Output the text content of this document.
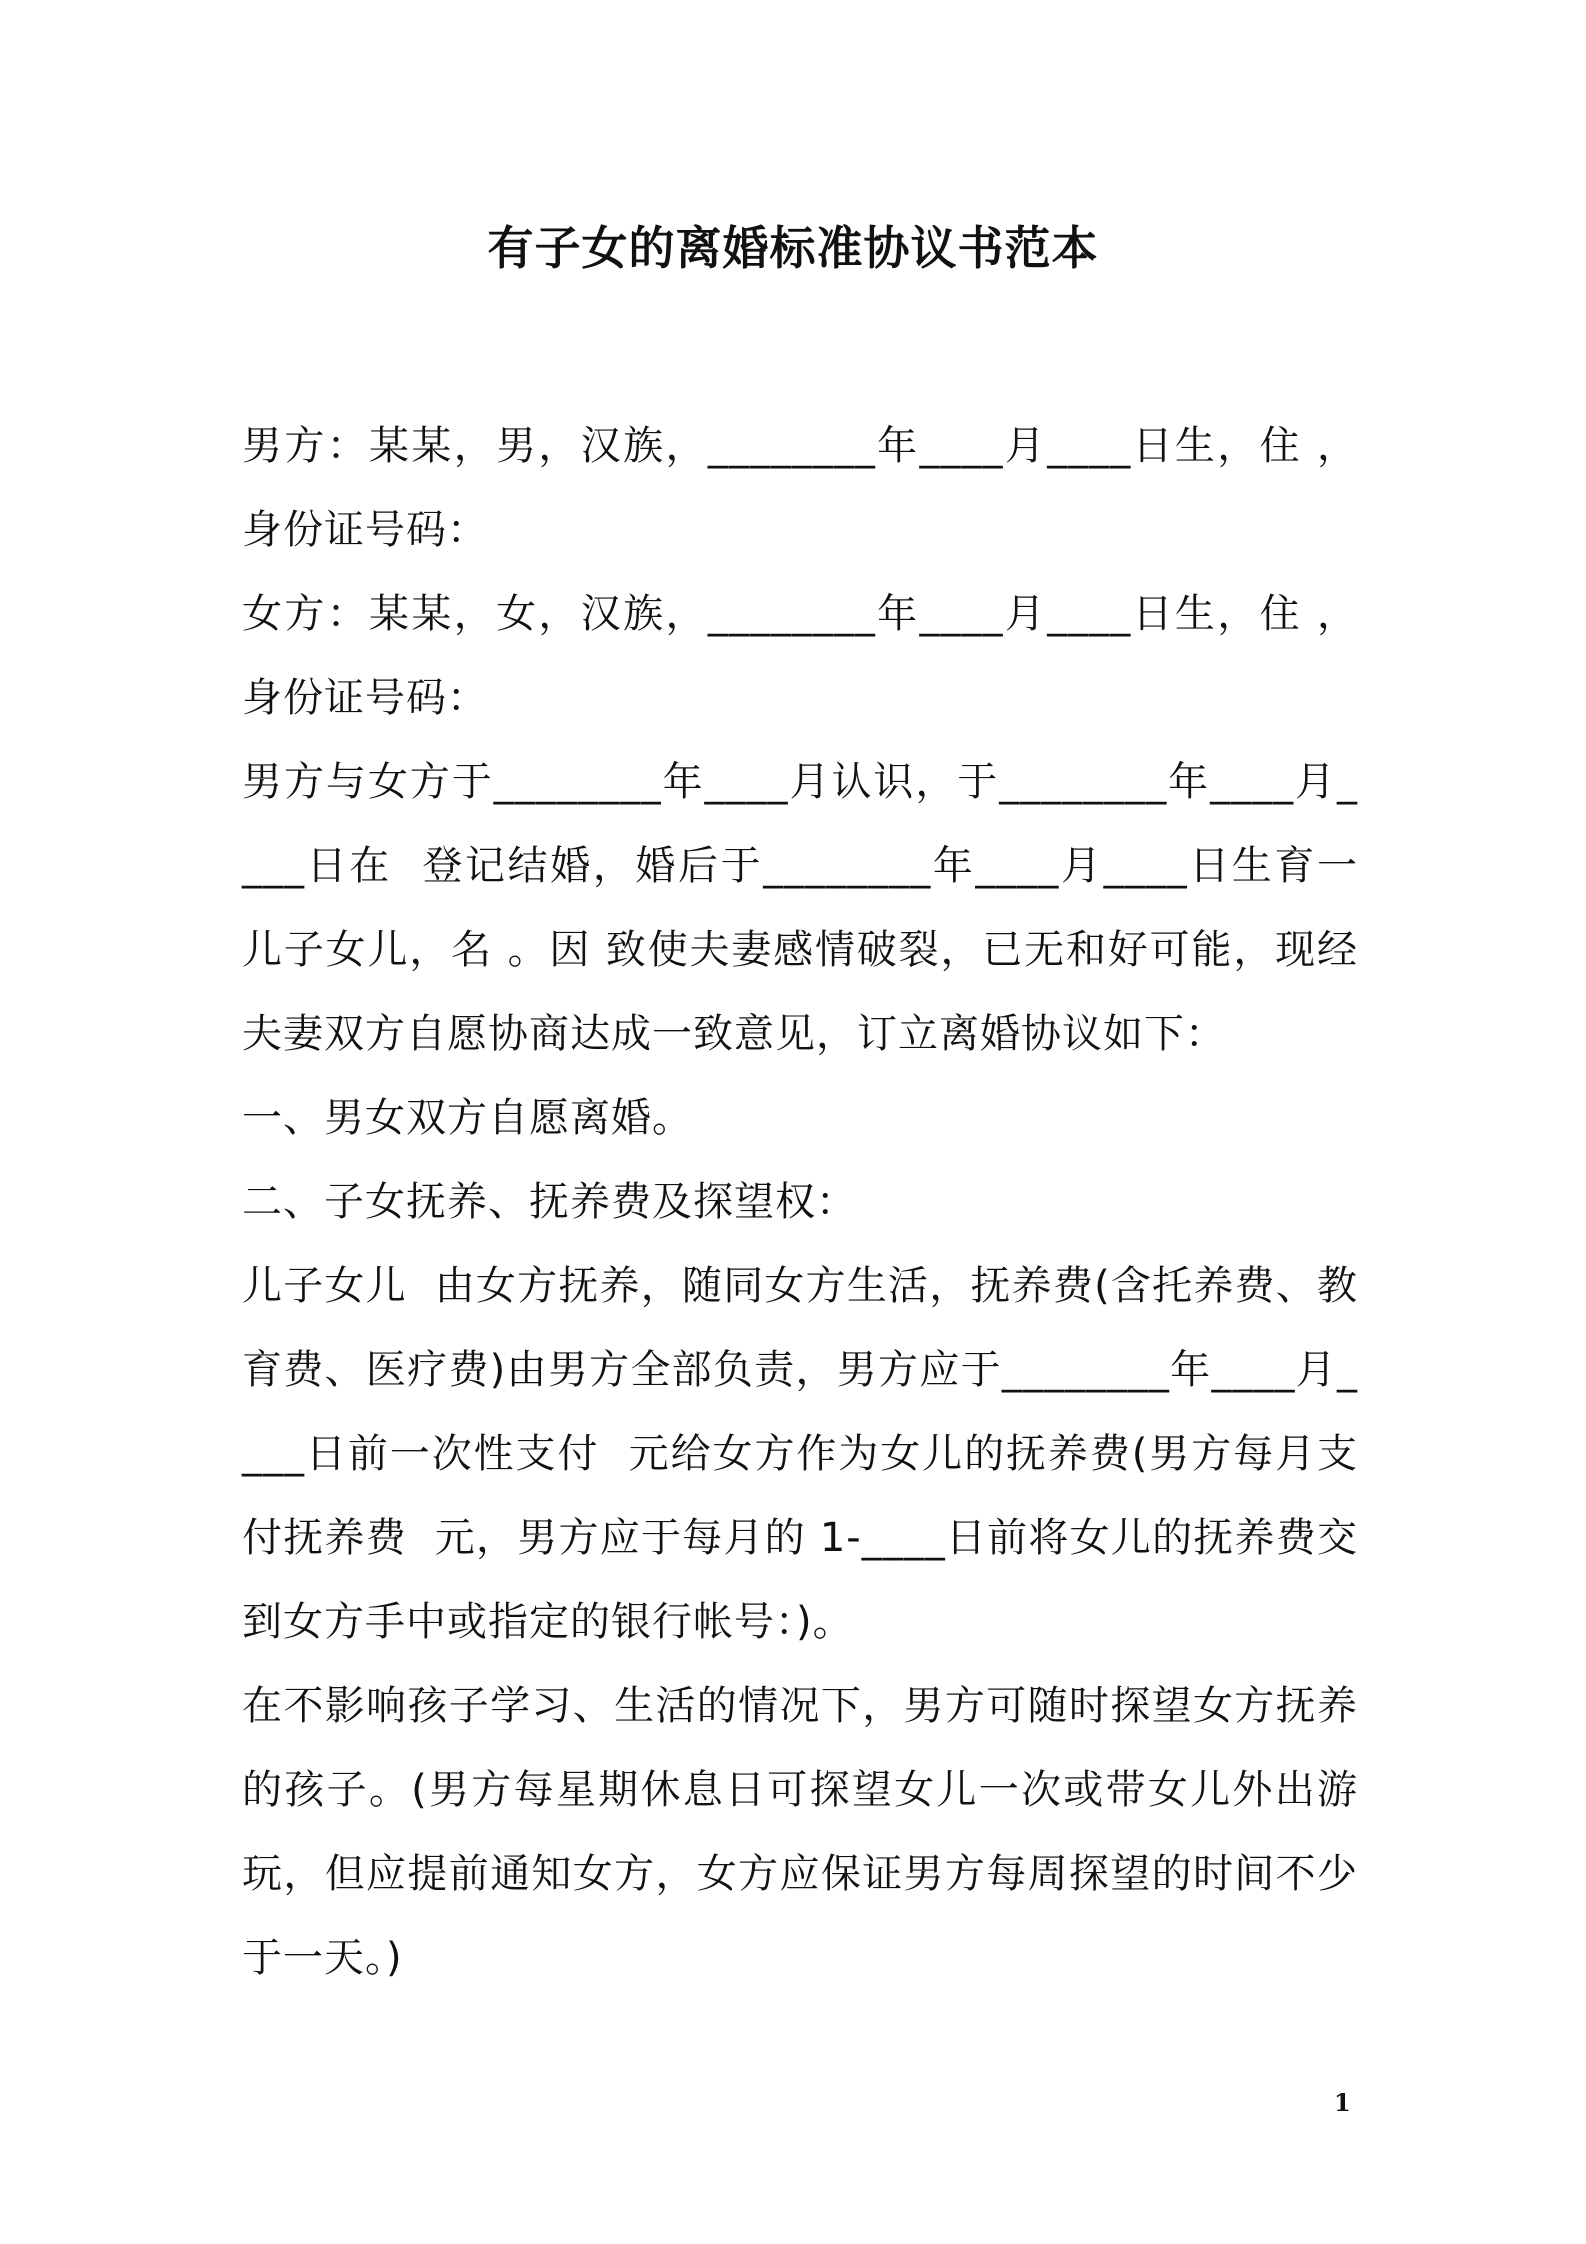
有子女的离婚标准协议书范本

男方：某某，男，汉族，________年____月____日生，住 ，身份证号码：

女方：某某，女，汉族，________年____月____日生，住 ，身份证号码：

男方与女方于________年____月认识，于________年____月____日在  登记结婚，婚后于________年____月____日生育一儿子女儿，名 。因 致使夫妻感情破裂，已无和好可能，现经夫妻双方自愿协商达成一致意见，订立离婚协议如下：

一、男女双方自愿离婚。

二、子女抚养、抚养费及探望权：

儿子女儿  由女方抚养，随同女方生活，抚养费(含托养费、教育费、医疗费)由男方全部负责，男方应于________年____月____日前一次性支付  元给女方作为女儿的抚养费(男方每月支付抚养费  元，男方应于每月的 1-____日前将女儿的抚养费交到女方手中或指定的银行帐号：)。

在不影响孩子学习、生活的情况下，男方可随时探望女方抚养的孩子。(男方每星期休息日可探望女儿一次或带女儿外出游玩，但应提前通知女方，女方应保证男方每周探望的时间不少于一天。)

1
